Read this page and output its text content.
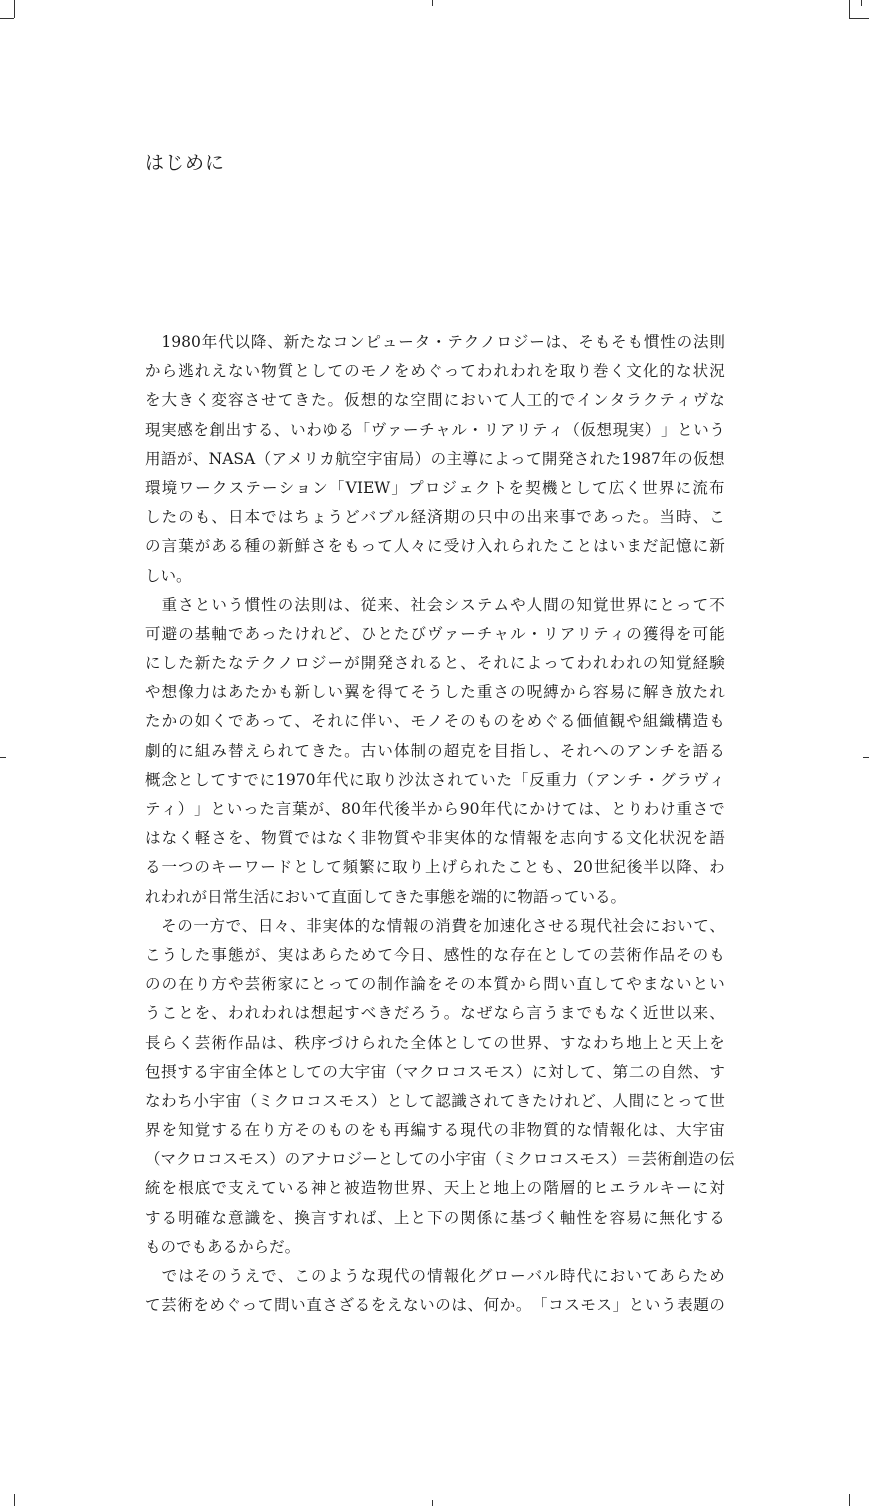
はじめに

1980 年 代 以 降 、 新 た な コ ン ピ ュ ー タ ・ テ ク ノ ロ ジ ー は 、 そ も そ も 慣 性 の 法 則
か ら 逃 れ え な い 物 質 と し て の モ ノ を め ぐ っ て わ れ わ れ を 取 り 巻 く 文 化 的 な 状 況
を 大 き く 変 容 さ せ て き た 。 仮 想 的 な 空 間 に お い て 人 工 的 で イ ン タ ラ ク テ ィ ヴ な
現 実 感 を 創 出 す る 、 い わ ゆ る 「 ヴ ァ ー チ ャ ル ・ リ ア リ テ ィ （ 仮 想 現 実 ） 」 と い う
用 語 が 、 NASA （ ア メ リ カ 航 空 宇 宙 局 ） の 主 導 に よ っ て 開 発 さ れ た 1987 年 の 仮 想
環 境 ワ ー ク ス テ ー シ ョ ン 「 VIEW 」 プ ロ ジ ェ ク ト を 契 機 と し て 広 く 世 界 に 流 布
し た の も 、 日 本 で は ち ょ う ど バ ブ ル 経 済 期 の 只 中 の 出 来 事 で あ っ た 。 当 時 、 こ
の 言 葉 が あ る 種 の 新 鮮 さ を も っ て 人 々 に 受 け 入 れ ら れ た こ と は い ま だ 記 憶 に 新
し い 。

重 さ と い う 慣 性 の 法 則 は 、 従 来 、 社 会 シ ス テ ム や 人 間 の 知 覚 世 界 に と っ て 不
可 避 の 基 軸 で あ っ た け れ ど 、 ひ と た び ヴ ァ ー チ ャ ル ・ リ ア リ テ ィ の 獲 得 を 可 能
に し た 新 た な テ ク ノ ロ ジ ー が 開 発 さ れ る と 、 そ れ に よ っ て わ れ わ れ の 知 覚 経 験
や 想 像 力 は あ た か も 新 し い 翼 を 得 て そ う し た 重 さ の 呪 縛 か ら 容 易 に 解 き 放 た れ
た か の 如 く で あ っ て 、 そ れ に 伴 い 、 モ ノ そ の も の を め ぐ る 価 値 観 や 組 織 構 造 も
劇 的 に 組 み 替 え ら れ て き た 。 古 い 体 制 の 超 克 を 目 指 し 、 そ れ へ の ア ン チ を 語 る
概 念 と し て す で に 1970 年 代 に 取 り 沙 汰 さ れ て い た 「 反 重 力 （ ア ン チ ・ グ ラ ヴ ィ
テ ィ ） 」 と い っ た 言 葉 が 、 80 年 代 後 半 か ら 90 年 代 に か け て は 、 と り わ け 重 さ で
は な く 軽 さ を 、 物 質 で は な く 非 物 質 や 非 実 体 的 な 情 報 を 志 向 す る 文 化 状 況 を 語
る 一 つ の キ ー ワ ー ド と し て 頻 繁 に 取 り 上 げ ら れ た こ と も 、 20 世 紀 後 半 以 降 、 わ
れ わ れ が 日 常 生 活 に お い て 直 面 し て き た 事 態 を 端 的 に 物 語 っ て い る 。

そ の 一 方 で 、 日 々 、 非 実 体 的 な 情 報 の 消 費 を 加 速 化 さ せ る 現 代 社 会 に お い て 、
こ う し た 事 態 が 、 実 は あ ら た め て 今 日 、 感 性 的 な 存 在 と し て の 芸 術 作 品 そ の も
の の 在 り 方 や 芸 術 家 に と っ て の 制 作 論 を そ の 本 質 か ら 問 い 直 し て や ま な い と い
う こ と を 、 わ れ わ れ は 想 起 す べ き だ ろ う 。 な ぜ な ら 言 う ま で も な く 近 世 以 来 、
長 ら く 芸 術 作 品 は 、 秩 序 づ け ら れ た 全 体 と し て の 世 界 、 す な わ ち 地 上 と 天 上 を
包 摂 す る 宇 宙 全 体 と し て の 大 宇 宙 （ マ ク ロ コ ス モ ス ） に 対 し て 、 第 二 の 自 然 、 す
な わ ち 小 宇 宙 （ ミ ク ロ コ ス モ ス ） と し て 認 識 さ れ て き た け れ ど 、 人 間 に と っ て 世
界 を 知 覚 す る 在 り 方 そ の も の を も 再 編 す る 現 代 の 非 物 質 的 な 情 報 化 は 、 大 宇 宙
（ マ ク ロ コ ス モ ス ） の ア ナ ロ ジ ー と し て の 小 宇 宙 （ ミ ク ロ コ ス モ ス ） ＝ 芸 術 創 造 の 伝
統 を 根 底 で 支 え て い る 神 と 被 造 物 世 界 、 天 上 と 地 上 の 階 層 的 ヒ エ ラ ル キ ー に 対
す る 明 確 な 意 識 を 、 換 言 す れ ば 、 上 と 下 の 関 係 に 基 づ く 軸 性 を 容 易 に 無 化 す る
も の で も あ る か ら だ 。

で は そ の う え で 、 こ の よ う な 現 代 の 情 報 化 グ ロ ー バ ル 時 代 に お い て あ ら た め
て 芸 術 を め ぐ っ て 問 い 直 さ ざ る を え な い の は 、 何 か 。 「 コ ス モ ス 」 と い う 表 題 の
